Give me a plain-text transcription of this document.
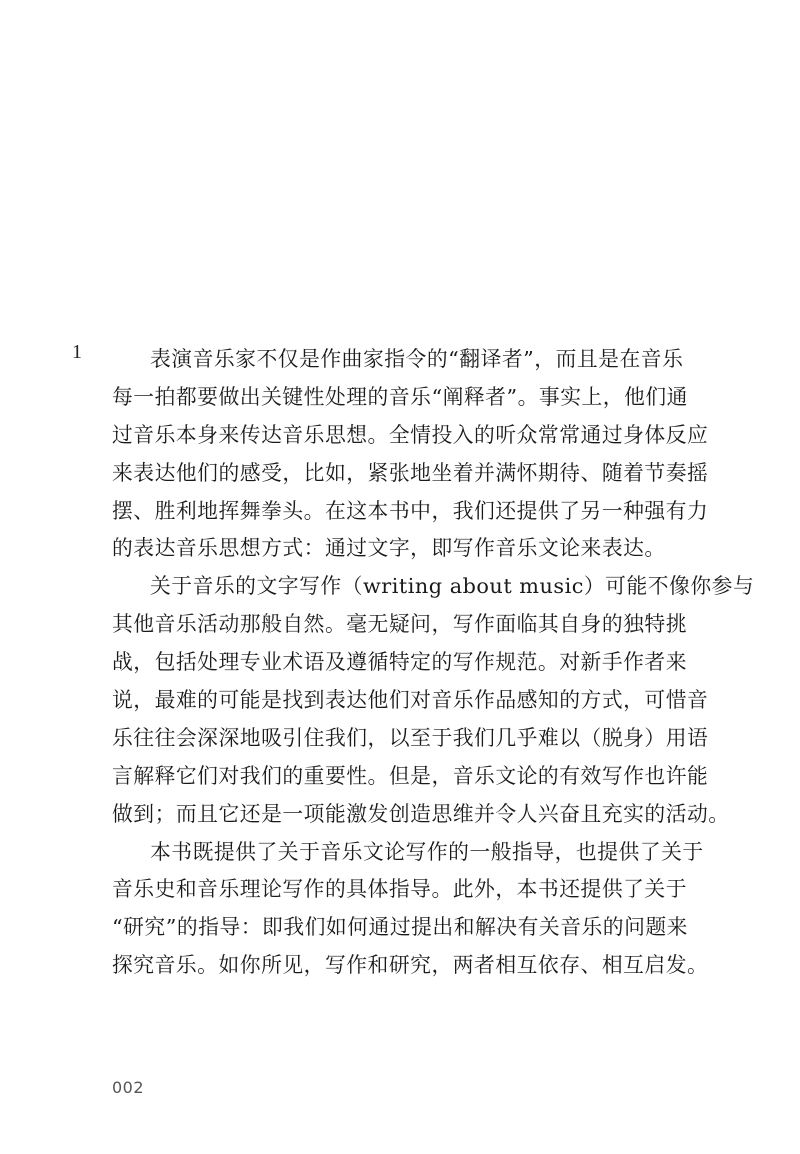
1	表演音乐家不仅是作曲家指令的“翻译者”，而且是在音乐
每一拍都要做出关键性处理的音乐“阐释者”。事实上，他们通
过音乐本身来传达音乐思想。全情投入的听众常常通过身体反应
来表达他们的感受，比如，紧张地坐着并满怀期待、随着节奏摇
摆、胜利地挥舞拳头。在这本书中，我们还提供了另一种强有力
的表达音乐思想方式：通过文字，即写作音乐文论来表达。
关于音乐的文字写作（writing about music）可能不像你参与
其他音乐活动那般自然。毫无疑问，写作面临其自身的独特挑
战，包括处理专业术语及遵循特定的写作规范。对新手作者来
说，最难的可能是找到表达他们对音乐作品感知的方式，可惜音
乐往往会深深地吸引住我们，以至于我们几乎难以（脱身）用语
言解释它们对我们的重要性。但是，音乐文论的有效写作也许能
做到；而且它还是一项能激发创造思维并令人兴奋且充实的活动。
本书既提供了关于音乐文论写作的一般指导，也提供了关于
音乐史和音乐理论写作的具体指导。此外，本书还提供了关于
“研究”的指导：即我们如何通过提出和解决有关音乐的问题来
探究音乐。如你所见，写作和研究，两者相互依存、相互启发。
002
